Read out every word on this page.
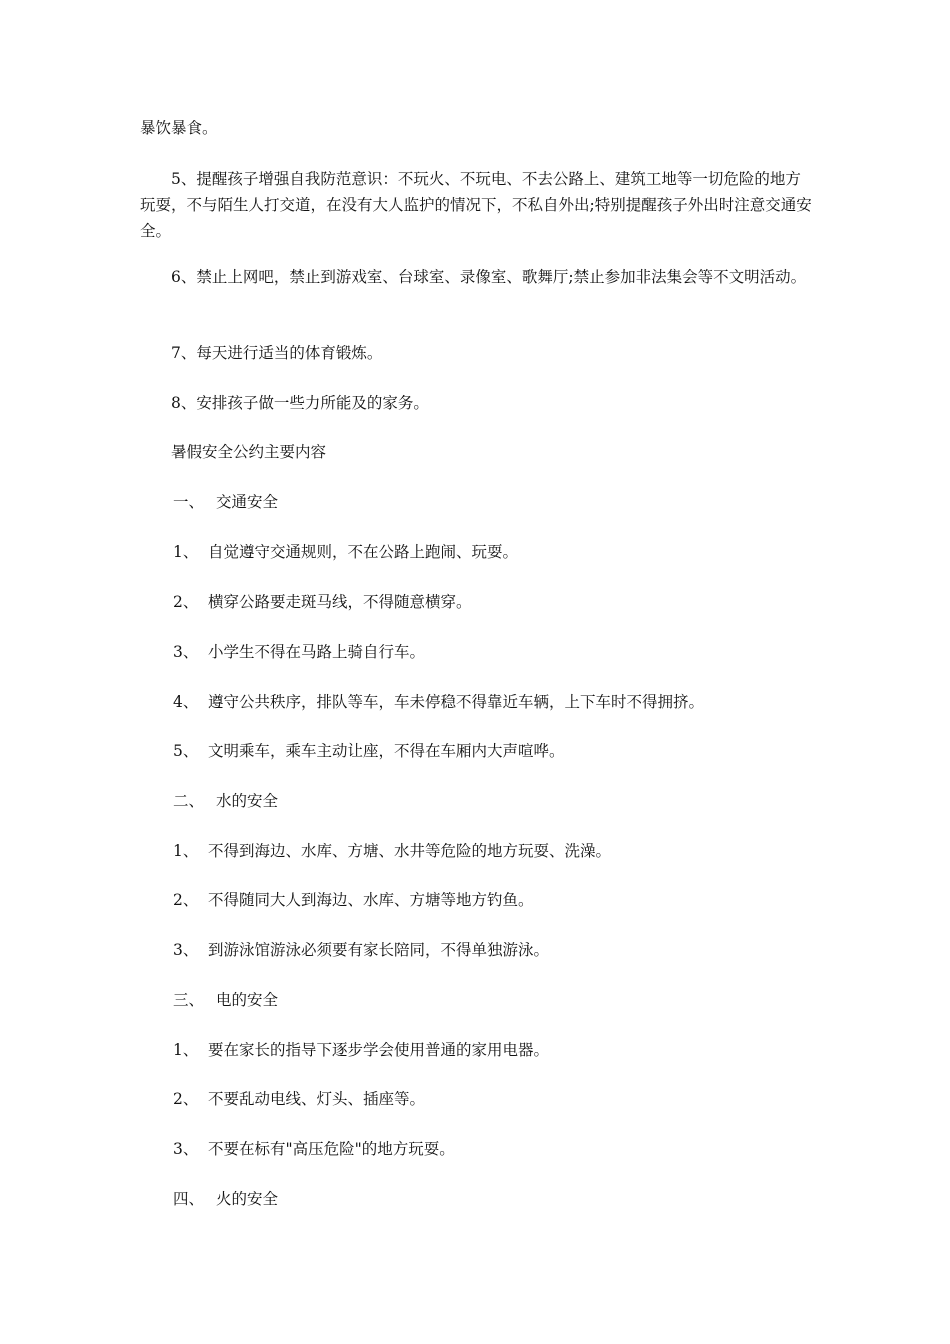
暴饮暴食。

　　5、提醒孩子增强自我防范意识：不玩火、不玩电、不去公路上、建筑工地等一切危险的地方玩耍，不与陌生人打交道，在没有大人监护的情况下，不私自外出;特别提醒孩子外出时注意交通安全。

　　6、禁止上网吧，禁止到游戏室、台球室、录像室、歌舞厅;禁止参加非法集会等不文明活动。

　　7、每天进行适当的体育锻炼。

　　8、安排孩子做一些力所能及的家务。

　　暑假安全公约主要内容

一、 交通安全
1、 自觉遵守交通规则，不在公路上跑闹、玩耍。
2、 横穿公路要走斑马线，不得随意横穿。
3、 小学生不得在马路上骑自行车。
4、 遵守公共秩序，排队等车，车未停稳不得靠近车辆，上下车时不得拥挤。
5、 文明乘车，乘车主动让座，不得在车厢内大声喧哗。
二、 水的安全
1、 不得到海边、水库、方塘、水井等危险的地方玩耍、洗澡。
2、 不得随同大人到海边、水库、方塘等地方钓鱼。
3、 到游泳馆游泳必须要有家长陪同，不得单独游泳。
三、 电的安全
1、 要在家长的指导下逐步学会使用普通的家用电器。
2、 不要乱动电线、灯头、插座等。
3、 不要在标有"高压危险"的地方玩耍。
四、 火的安全
